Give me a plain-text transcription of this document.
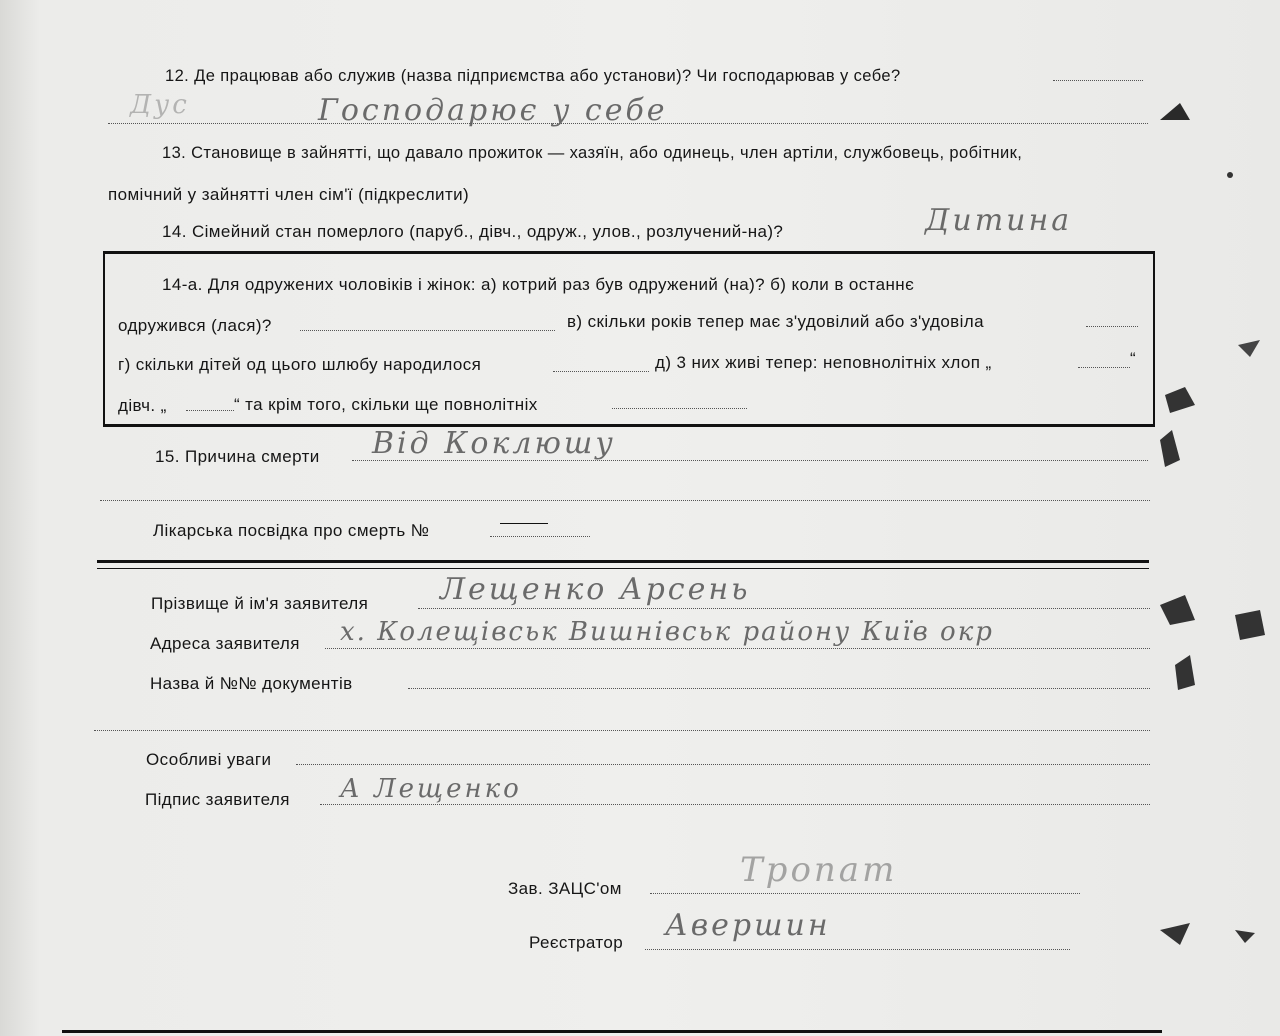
12. Де працював або служив (назва підприємства або установи)? Чи господарював у себе?
Дус	Господарює у себе
13. Становище в зайнятті, що давало прожиток — хазяїн, або одинець, член артіли, службовець, робітник,
помічний у зайнятті член сім'ї (підкреслити)
14. Сімейний стан померлого (паруб., дівч., одруж., улов., розлучений-на)?	Дитина
14-а. Для одружених чоловіків і жінок: а) котрий раз був одружений (на)? б) коли в останнє
одружився (лася)?	в) скільки років тепер має з'удовілий або з'удовіла
г) скільки дітей од цього шлюбу народилося	д) 3 них живі тепер: неповнолітніх хлоп „	“
дівч. „	“ та крім того, скільки ще повнолітніх
15. Причина смерти Від Коклюшу
Лікарська посвідка про смерть №
Прізвище й ім'я заявителя Лещенко Арсень
Адреса заявителя х. Колещівськ Вишнівськ району Київ окр
Назва й №№ документів
Особливі уваги
Підпис заявителя А Лещенко
Зав. ЗАЦС'ом	Тропат
Реєстратор Авершин
